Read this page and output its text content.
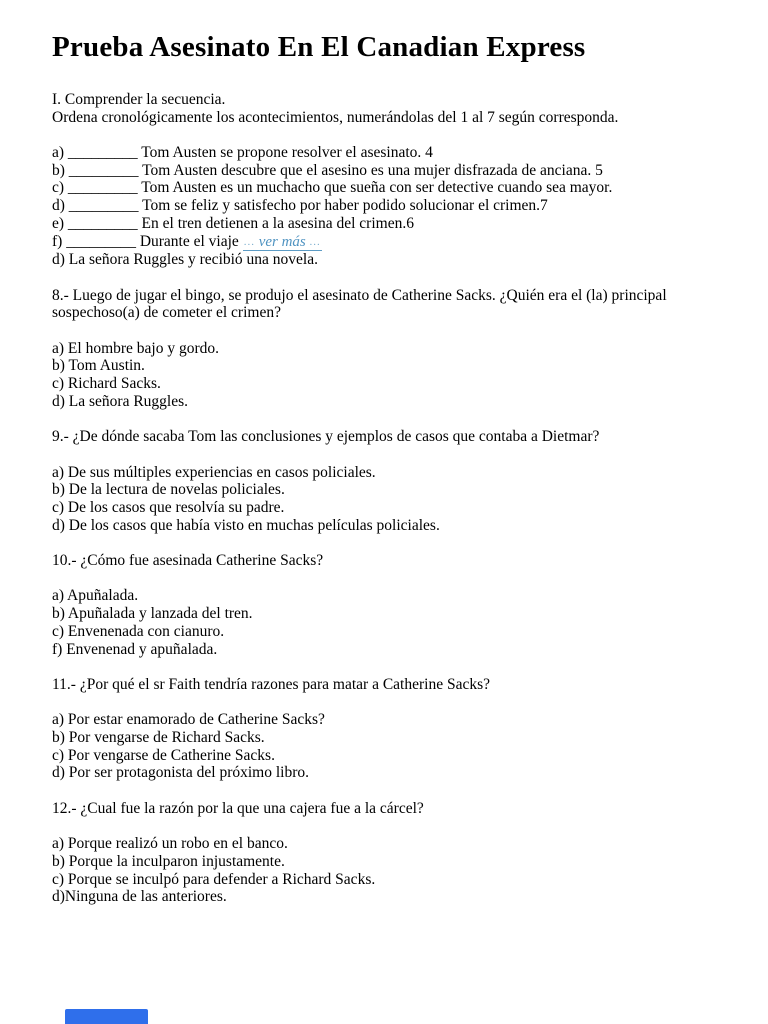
Prueba Asesinato En El Canadian Express
I. Comprender la secuencia.
Ordena cronológicamente los acontecimientos, numerándolas del 1 al 7 según corresponda.
a) _________ Tom Austen se propone resolver el asesinato. 4
b) _________ Tom Austen descubre que el asesino es una mujer disfrazada de anciana. 5
c) _________ Tom Austen es un muchacho que sueña con ser detective cuando sea mayor.
d) _________ Tom se feliz y satisfecho por haber podido solucionar el crimen.7
e) _________ En el tren detienen a la asesina del crimen.6
f) _________ Durante el viaje ... ver más ...
d) La señora Ruggles y recibió una novela.
8.- Luego de jugar el bingo, se produjo el asesinato de Catherine Sacks. ¿Quién era el (la) principal sospechoso(a) de cometer el crimen?
a) El hombre bajo y gordo.
b) Tom Austin.
c) Richard Sacks.
d) La señora Ruggles.
9.- ¿De dónde sacaba Tom las conclusiones y ejemplos de casos que contaba a Dietmar?
a) De sus múltiples experiencias en casos policiales.
b) De la lectura de novelas policiales.
c) De los casos que resolvía su padre.
d) De los casos que había visto en muchas películas policiales.
10.- ¿Cómo fue asesinada Catherine Sacks?
a) Apuñalada.
b) Apuñalada y lanzada del tren.
c) Envenenada con cianuro.
f) Envenenad y apuñalada.
11.- ¿Por qué el sr Faith tendría razones para matar a Catherine Sacks?
a) Por estar enamorado de Catherine Sacks?
b) Por vengarse de Richard Sacks.
c) Por vengarse de Catherine Sacks.
d) Por ser protagonista del próximo libro.
12.- ¿Cual fue la razón por la que una cajera fue a la cárcel?
a) Porque realizó un robo en el banco.
b) Porque la inculparon injustamente.
c) Porque se inculpó para defender a Richard Sacks.
d)Ninguna de las anteriores.
